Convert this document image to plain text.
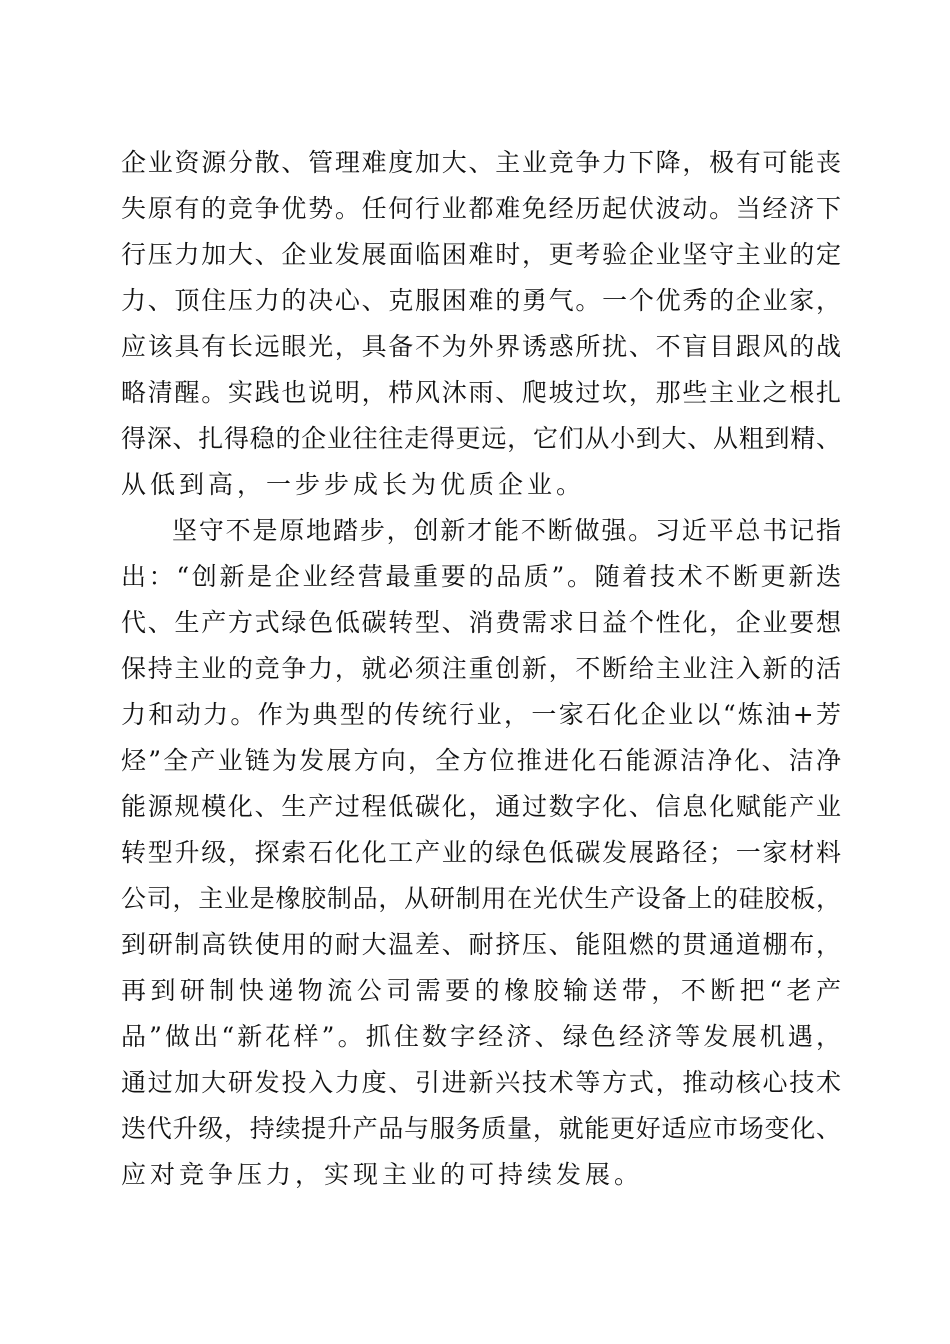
企业资源分散、管理难度加大、主业竞争力下降，极有可能丧
失原有的竞争优势。任何行业都难免经历起伏波动。当经济下
行压力加大、企业发展面临困难时，更考验企业坚守主业的定
力、顶住压力的决心、克服困难的勇气。一个优秀的企业家，
应该具有长远眼光，具备不为外界诱惑所扰、不盲目跟风的战
略清醒。实践也说明，栉风沐雨、爬坡过坎，那些主业之根扎
得深、扎得稳的企业往往走得更远，它们从小到大、从粗到精、
从低到高，一步步成长为优质企业。
坚守不是原地踏步，创新才能不断做强。习近平总书记指
出：“创新是企业经营最重要的品质”。随着技术不断更新迭
代、生产方式绿色低碳转型、消费需求日益个性化，企业要想
保持主业的竞争力，就必须注重创新，不断给主业注入新的活
力和动力。作为典型的传统行业，一家石化企业以“炼油+芳
烃”全产业链为发展方向，全方位推进化石能源洁净化、洁净
能源规模化、生产过程低碳化，通过数字化、信息化赋能产业
转型升级，探索石化化工产业的绿色低碳发展路径；一家材料
公司，主业是橡胶制品，从研制用在光伏生产设备上的硅胶板，
到研制高铁使用的耐大温差、耐挤压、能阻燃的贯通道棚布，
再到研制快递物流公司需要的橡胶输送带，不断把“老产
品”做出“新花样”。抓住数字经济、绿色经济等发展机遇，
通过加大研发投入力度、引进新兴技术等方式，推动核心技术
迭代升级，持续提升产品与服务质量，就能更好适应市场变化、
应对竞争压力，实现主业的可持续发展。
